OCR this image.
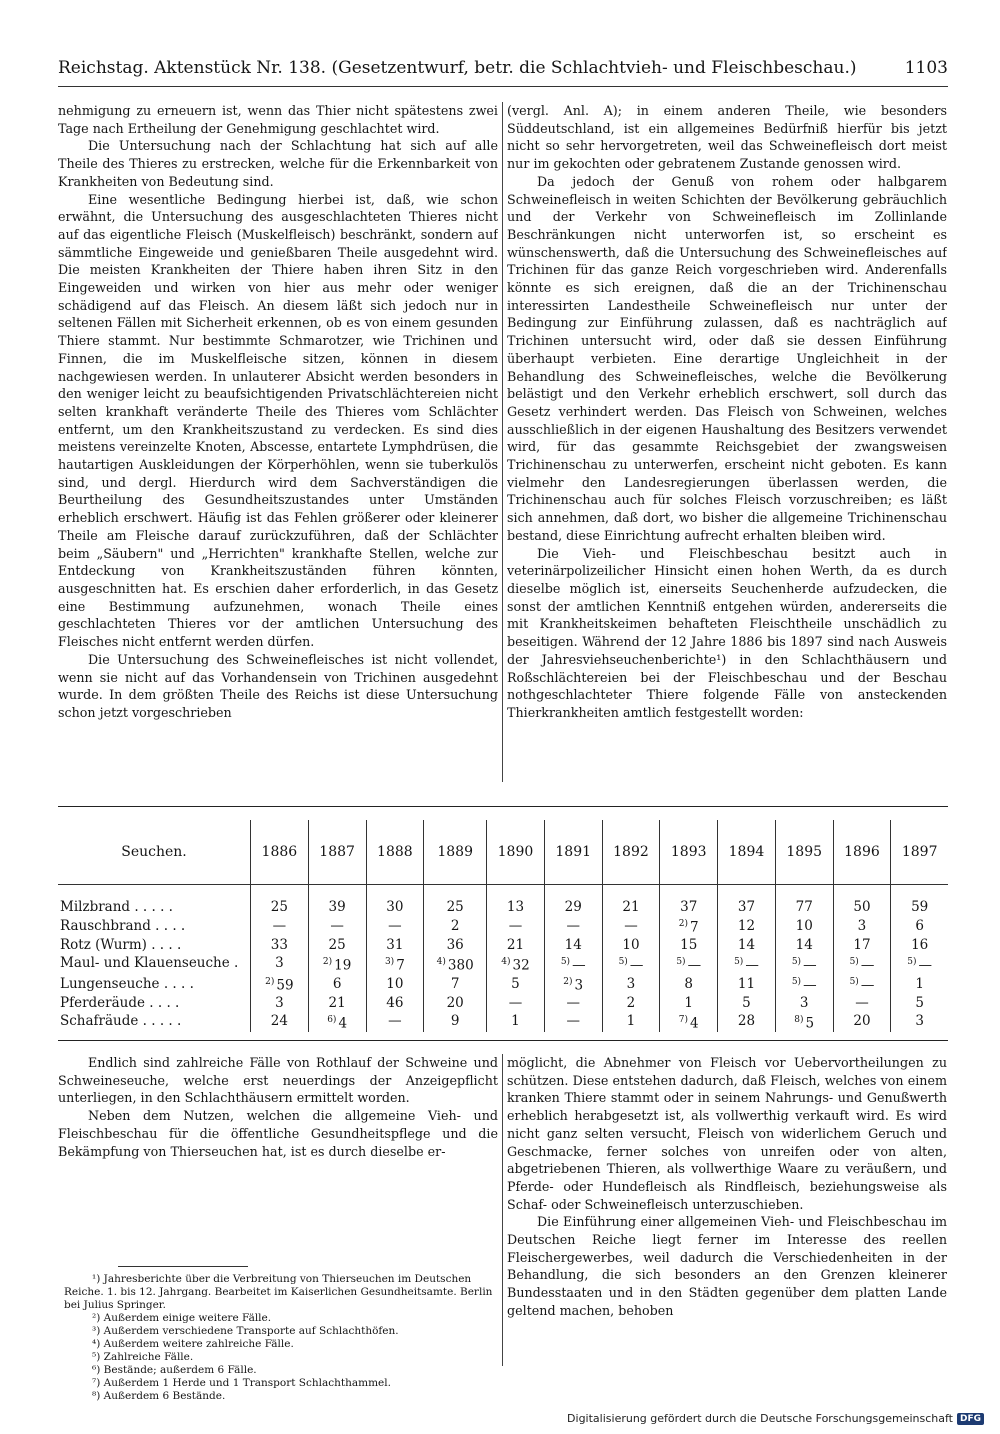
Reichstag. Aktenstück Nr. 138. (Gesetzentwurf, betr. die Schlachtvieh- und Fleischbeschau.)	1103

nehmigung zu erneuern ist, wenn das Thier nicht spätestens zwei Tage nach Ertheilung der Genehmigung geschlachtet wird.

Die Untersuchung nach der Schlachtung hat sich auf alle Theile des Thieres zu erstrecken, welche für die Erkennbarkeit von Krankheiten von Bedeutung sind.

Eine wesentliche Bedingung hierbei ist, daß, wie schon erwähnt, die Untersuchung des ausgeschlachteten Thieres nicht auf das eigentliche Fleisch (Muskelfleisch) beschränkt, sondern auf sämmtliche Eingeweide und genießbaren Theile ausgedehnt wird. Die meisten Krankheiten der Thiere haben ihren Sitz in den Eingeweiden und wirken von hier aus mehr oder weniger schädigend auf das Fleisch. An diesem läßt sich jedoch nur in seltenen Fällen mit Sicherheit erkennen, ob es von einem gesunden Thiere stammt. Nur bestimmte Schmarotzer, wie Trichinen und Finnen, die im Muskelfleische sitzen, können in diesem nachgewiesen werden. In unlauterer Absicht werden besonders in den weniger leicht zu beaufsichtigenden Privatschlächtereien nicht selten krankhaft veränderte Theile des Thieres vom Schlächter entfernt, um den Krankheitszustand zu verdecken. Es sind dies meistens vereinzelte Knoten, Abscesse, entartete Lymphdrüsen, die hautartigen Auskleidungen der Körperhöhlen, wenn sie tuberkulös sind, und dergl. Hierdurch wird dem Sachverständigen die Beurtheilung des Gesundheitszustandes unter Umständen erheblich erschwert. Häufig ist das Fehlen größerer oder kleinerer Theile am Fleische darauf zurückzuführen, daß der Schlächter beim „Säubern" und „Herrichten" krankhafte Stellen, welche zur Entdeckung von Krankheitszuständen führen könnten, ausgeschnitten hat. Es erschien daher erforderlich, in das Gesetz eine Bestimmung aufzunehmen, wonach Theile eines geschlachteten Thieres vor der amtlichen Untersuchung des Fleisches nicht entfernt werden dürfen.

Die Untersuchung des Schweinefleisches ist nicht vollendet, wenn sie nicht auf das Vorhandensein von Trichinen ausgedehnt wurde. In dem größten Theile des Reichs ist diese Untersuchung schon jetzt vorgeschrieben

(vergl. Anl. A); in einem anderen Theile, wie besonders Süddeutschland, ist ein allgemeines Bedürfniß hierfür bis jetzt nicht so sehr hervorgetreten, weil das Schweinefleisch dort meist nur im gekochten oder gebratenem Zustande genossen wird.

Da jedoch der Genuß von rohem oder halbgarem Schweinefleisch in weiten Schichten der Bevölkerung gebräuchlich und der Verkehr von Schweinefleisch im Zollinlande Beschränkungen nicht unterworfen ist, so erscheint es wünschenswerth, daß die Untersuchung des Schweinefleisches auf Trichinen für das ganze Reich vorgeschrieben wird. Anderenfalls könnte es sich ereignen, daß die an der Trichinenschau interessirten Landestheile Schweinefleisch nur unter der Bedingung zur Einführung zulassen, daß es nachträglich auf Trichinen untersucht wird, oder daß sie dessen Einführung überhaupt verbieten. Eine derartige Ungleichheit in der Behandlung des Schweinefleisches, welche die Bevölkerung belästigt und den Verkehr erheblich erschwert, soll durch das Gesetz verhindert werden. Das Fleisch von Schweinen, welches ausschließlich in der eigenen Haushaltung des Besitzers verwendet wird, für das gesammte Reichsgebiet der zwangsweisen Trichinenschau zu unterwerfen, erscheint nicht geboten. Es kann vielmehr den Landesregierungen überlassen werden, die Trichinenschau auch für solches Fleisch vorzuschreiben; es läßt sich annehmen, daß dort, wo bisher die allgemeine Trichinenschau bestand, diese Einrichtung aufrecht erhalten bleiben wird.

Die Vieh- und Fleischbeschau besitzt auch in veterinärpolizeilicher Hinsicht einen hohen Werth, da es durch dieselbe möglich ist, einerseits Seuchenherde aufzudecken, die sonst der amtlichen Kenntniß entgehen würden, andererseits die mit Krankheitskeimen behafteten Fleischtheile unschädlich zu beseitigen. Während der 12 Jahre 1886 bis 1897 sind nach Ausweis der Jahresviehseuchenberichte¹) in den Schlachthäusern und Roßschlächtereien bei der Fleischbeschau und der Beschau nothgeschlachteter Thiere folgende Fälle von ansteckenden Thierkrankheiten amtlich festgestellt worden:

Seuchen.	1886	1887	1888	1889	1890	1891	1892	1893	1894	1895	1896	1897
Milzbrand . . . . .	25	39	30	25	13	29	21	37	37	77	50	59
Rauschbrand . . . .	—	—	—	2	—	—	—	$^{2)}$ 7	12	10	3	6
Rotz (Wurm) . . . .	33	25	31	36	21	14	10	15	14	14	17	16
Maul- und Klauenseuche .	3	$^{2)}$ 19	$^{3)}$ 7	$^{4)}$ 380	$^{4)}$ 32	$^{5)}$ —	$^{5)}$ —	$^{5)}$ —	$^{5)}$ —	$^{5)}$ —	$^{5)}$ —	$^{5)}$ —
Lungenseuche . . . .	$^{2)}$ 59	6	10	7	5	$^{2)}$ 3	3	8	11	$^{5)}$ —	$^{5)}$ —	1
Pferderäude . . . .	3	21	46	20	—	—	2	1	5	3	—	5
Schafräude . . . . .	24	$^{6)}$ 4	—	9	1	—	1	$^{7)}$ 4	28	$^{8)}$ 5	20	3

Endlich sind zahlreiche Fälle von Rothlauf der Schweine und Schweineseuche, welche erst neuerdings der Anzeigepflicht unterliegen, in den Schlachthäusern ermittelt worden.

Neben dem Nutzen, welchen die allgemeine Vieh- und Fleischbeschau für die öffentliche Gesundheitspflege und die Bekämpfung von Thierseuchen hat, ist es durch dieselbe er-

möglicht, die Abnehmer von Fleisch vor Uebervortheilungen zu schützen. Diese entstehen dadurch, daß Fleisch, welches von einem kranken Thiere stammt oder in seinem Nahrungs- und Genußwerth erheblich herabgesetzt ist, als vollwerthig verkauft wird. Es wird nicht ganz selten versucht, Fleisch von widerlichem Geruch und Geschmacke, ferner solches von unreifen oder von alten, abgetriebenen Thieren, als vollwerthige Waare zu veräußern, und Pferde- oder Hundefleisch als Rindfleisch, beziehungsweise als Schaf- oder Schweinefleisch unterzuschieben.

Die Einführung einer allgemeinen Vieh- und Fleischbeschau im Deutschen Reiche liegt ferner im Interesse des reellen Fleischergewerbes, weil dadurch die Verschiedenheiten in der Behandlung, die sich besonders an den Grenzen kleinerer Bundesstaaten und in den Städten gegenüber dem platten Lande geltend machen, behoben

¹) Jahresberichte über die Verbreitung von Thierseuchen im Deutschen Reiche. 1. bis 12. Jahrgang. Bearbeitet im Kaiserlichen Gesundheitsamte. Berlin bei Julius Springer.

²) Außerdem einige weitere Fälle.

³) Außerdem verschiedene Transporte auf Schlachthöfen.

⁴) Außerdem weitere zahlreiche Fälle.

⁵) Zahlreiche Fälle.

⁶) Bestände; außerdem 6 Fälle.

⁷) Außerdem 1 Herde und 1 Transport Schlachthammel.

⁸) Außerdem 6 Bestände.

Digitalisierung gefördert durch die Deutsche Forschungsgemeinschaft DFG
